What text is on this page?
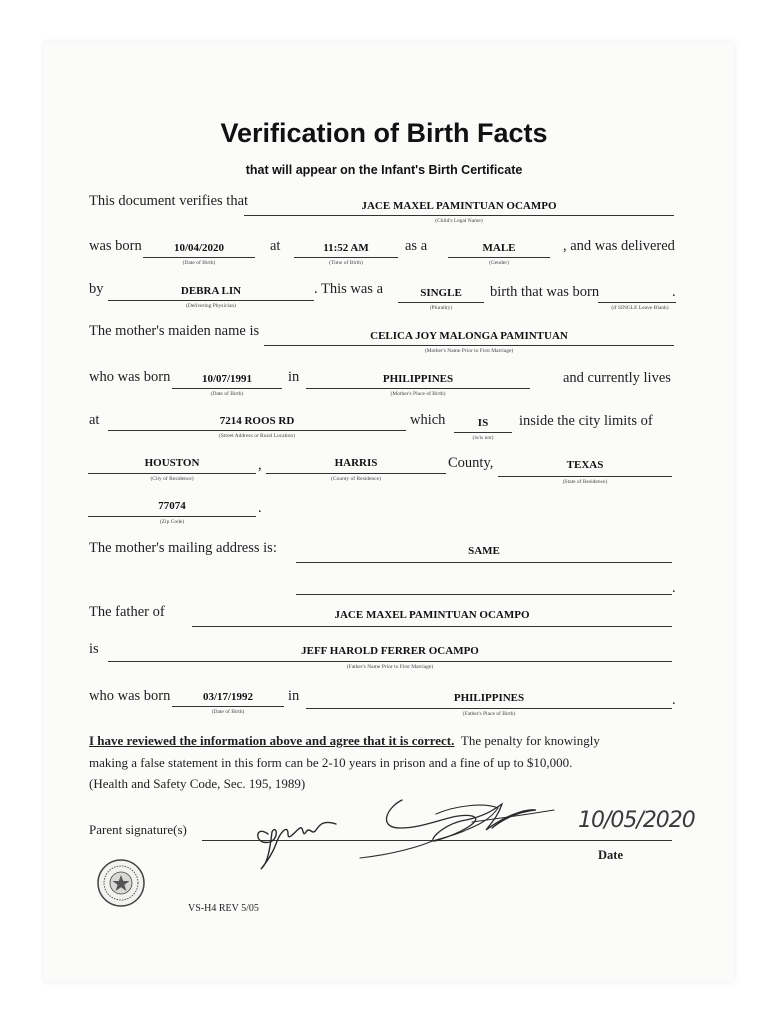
Verification of Birth Facts
that will appear on the Infant's Birth Certificate
This document verifies that	JACE MAXEL PAMINTUAN OCAMPO
(Child's Legal Name)
was born	10/04/2020
(Date of Birth)
at	11:52 AM
(Time of Birth)
as a	MALE
(Gender)
, and was delivered
by	DEBRA LIN
(Delivering Physician)
. This was a	SINGLE
(Plurality)
birth that was born
(if SINGLE Leave Blank)
.
The mother's maiden name is	CELICA JOY MALONGA PAMINTUAN
(Mother's Name Prior to First Marriage)
who was born	10/07/1991
(Date of Birth)
in	PHILIPPINES
(Mother's Place of Birth)
and currently lives
at	7214 ROOS RD
(Street Address or Rural Location)
which	IS
(is/is not)
inside the city limits of
HOUSTON
(City of Residence)
,	HARRIS
(County of Residence)
County,	TEXAS
(State of Residence)
77074
(Zip Code)
.
The mother's mailing address is:	SAME
.
The father of	JACE MAXEL PAMINTUAN OCAMPO
is	JEFF HAROLD FERRER OCAMPO
(Father's Name Prior to First Marriage)
who was born	03/17/1992
(Date of Birth)
in	PHILIPPINES
(Father's Place of Birth)
.
I have reviewed the information above and agree that it is correct. The penalty for knowingly
making a false statement in this form can be 2-10 years in prison and a fine of up to $10,000.
(Health and Safety Code, Sec. 195, 1989)
Parent signature(s)
Date
10/05/2020
VS-H4 REV 5/05
